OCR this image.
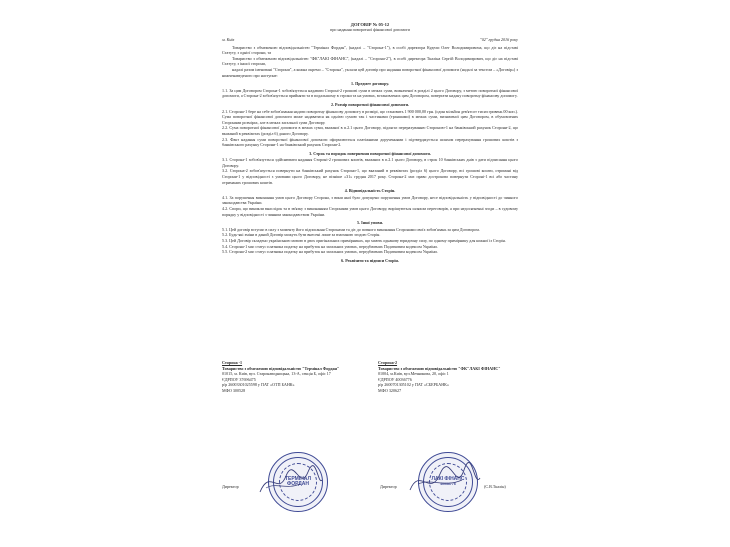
ДОГОВІР № 05-12
про надання поворотної фінансової допомоги
м. Київ	"02" грудня 2016 року

Товариство з обмеженою відповідальністю "Термінал Фордан", (надалі – "Сторона-1"), в особі директора Кудели Олег Володимировича, що діє на підставі Статуту, з однієї сторони, та

Товариство з обмеженою відповідальністю "ФК"ЛАКІ ФІНАНС", (надалі – "Сторона-2"), в особі директора Ткаліна Сергій Володимирович, що діє на підставі Статуту, з іншої сторони,

надалі разом іменовані "Сторони", а кожна окремо – "Сторона", уклали цей договір про надання поворотної фінансової допомоги (надалі за текстом – «Договір») з нижченаведеного про наступне:

1. Предмет договору.

1.1. За цим Договором Сторона-1 зобов'язується надавати Стороні-2 грошові суми в межах суми, визначеної в розділі 2 цього Договору, з метою поворотної фінансової допомоги, а Сторона-2 зобов'язується прийняти та в подальшому в строки та на умовах, встановлених цим Договором, повертати надану поворотну фінансову допомогу.

2. Розмір поворотної фінансової допомоги.

2.1. Сторона-1 бере на себе зобов'язання надати поворотну фінансову допомогу в розмірі, що становить 1 900 000,00 грн. (один мільйон дев'ятсот тисяч гривень 00 коп.). Сума поворотної фінансової допомоги може надаватися як однією сумою так і частинами (траншами) в межах суми, визначеної цим Договором, в обумовлених Сторонами розмірах, але в межах загальної суми Договору.

2.2. Сума поворотної фінансової допомоги в межах суми, вказаної в п.2.1 цього Договору, підлягає перерахуванню Стороною-1 на банківський рахунок Сторони-2, що вказаний в реквізитах (розділ 6) даного Договору.

2.3. Факт надання суми поворотної фінансової допомоги оформлюється платіжними дорученнями і підтверджується шляхом перерахування грошових коштів з банківського рахунку Сторони-1 на банківський рахунок Сторони-2.

3. Строк та порядок повернення поворотної фінансової допомоги.

3.1. Сторона-1 зобов'язується здійснювати надання Стороні-2 грошових коштів, вказаних в п.2.1 цього Договору, в строк 10 банківських днів з дати підписання цього Договору.

3.2. Сторона-2 зобов'язується повернути на банківський рахунок Сторони-1, що вказаний в реквізитах (розділ 6) цього Договору, всі грошові кошти, отримані від Сторони-1 у відповідності з умовами цього Договору, не пізніше «31» грудня 2017 року. Сторона-2 має право достроково повернути Стороні-1 всі або частину отриманих грошових коштів.

4. Відповідальність Сторін.

4.1. За порушення виконання умов цього Договору Сторона, з вини якої було допущено порушення умов Договору, несе відповідальність у відповідності до чинного законодавства України.

4.2. Спори, що виникли внаслідок та в зв'язку з виконанням Сторонами умов цього Договору, вирішуються шляхом переговорів, а при недосягненні згоди – в судовому порядку у відповідності з чинним законодавством України.

5. Інші умови.

5.1. Цей договір вступає в силу з моменту його підписання Сторонами та діє до повного виконання Сторонами своїх зобов'язань за цим Договором.

5.2. Будь-які зміни в даний Договір можуть бути внесені лише за взаємною згодою Сторін.

5.3. Цей Договір складено українською мовою в двох оригінальних примірниках, що мають однакову юридичну силу, по одному примірнику для кожної із Сторін.

5.4. Сторона-1 має статус платника податку на прибуток на загальних умовах, передбачених Податковим кодексом України.

5.5. Сторона-2 має статус платника податку на прибуток на загальних умовах, передбачених Податковим кодексом України.

6. Реквізити та підписи Сторін.
Сторона -1
Товариство з обмеженою відповідальністю "Термінал Фордан"
01015, м. Київ, вул. Старонаводницька, 13-А, секція Б, офіс 17
ЄДРПОУ 37696475
р/р 26003301025598 у ПАТ «ОТП БАНК»
МФО 300528
Сторона-2
Товариство з обмеженою відповідальністю "ФК"ЛАКІ ФІНАНС"
01004, м.Київ, вул.Мечникова, 20, офіс 1
ЄДРПОУ 40036776
р/р 2600701305102 у ПАТ «СБЕРБАНК»
МФО 320627
Директор	Директор	(С.В.Ткалін)
ТЕРМІНАЛ ФОРДАН
ЛАКІ ФІНАНС
40036776
